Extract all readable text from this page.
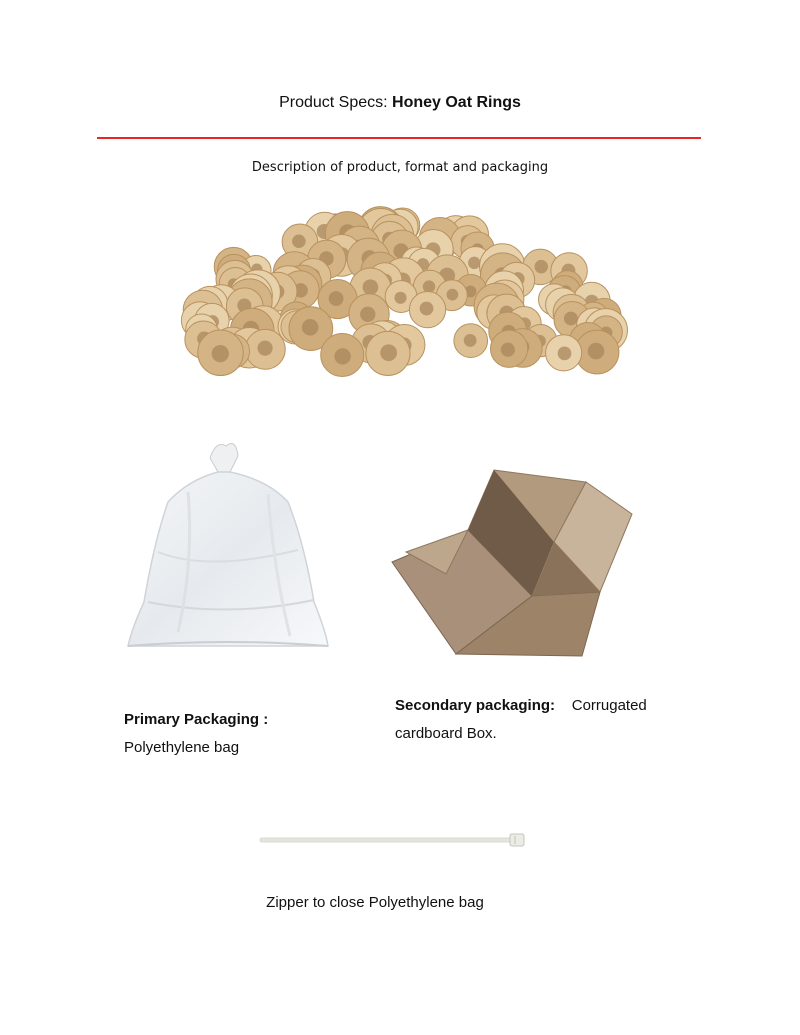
Product Specs: Honey Oat Rings
Description of product, format and packaging
Primary Packaging :
Polyethylene bag
Secondary packaging: Corrugated
cardboard Box.
Zipper to close Polyethylene bag
